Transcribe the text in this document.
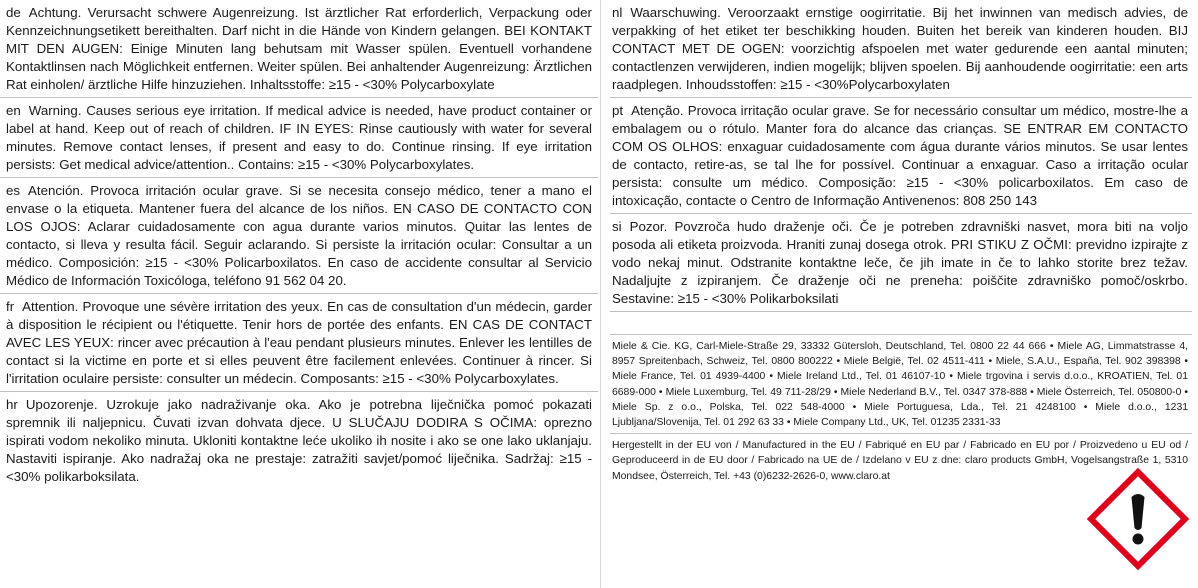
de Achtung. Verursacht schwere Augenreizung. Ist ärztlicher Rat erforderlich, Verpackung oder Kennzeichnungsetikett bereithalten. Darf nicht in die Hände von Kindern gelangen. BEI KONTAKT MIT DEN AUGEN: Einige Minuten lang behutsam mit Wasser spülen. Eventuell vorhandene Kontaktlinsen nach Möglichkeit entfernen. Weiter spülen. Bei anhaltender Augenreizung: Ärztlichen Rat einholen/ ärztliche Hilfe hinzuziehen. Inhaltsstoffe: ≥15 - <30% Polycarboxylate
en Warning. Causes serious eye irritation. If medical advice is needed, have product container or label at hand. Keep out of reach of children. IF IN EYES: Rinse cautiously with water for several minutes. Remove contact lenses, if present and easy to do. Continue rinsing. If eye irritation persists: Get medical advice/attention.. Contains: ≥15 - <30% Polycarboxylates.
es Atención. Provoca irritación ocular grave. Si se necesita consejo médico, tener a mano el envase o la etiqueta. Mantener fuera del alcance de los niños. EN CASO DE CONTACTO CON LOS OJOS: Aclarar cuidadosamente con agua durante varios minutos. Quitar las lentes de contacto, si lleva y resulta fácil. Seguir aclarando. Si persiste la irritación ocular: Consultar a un médico. Composición: ≥15 - <30% Policarboxilatos. En caso de accidente consultar al Servicio Médico de Información Toxicóloga, teléfono 91 562 04 20.
fr Attention. Provoque une sévère irritation des yeux. En cas de consultation d'un médecin, garder à disposition le récipient ou l'étiquette. Tenir hors de portée des enfants. EN CAS DE CONTACT AVEC LES YEUX: rincer avec précaution à l'eau pendant plusieurs minutes. Enlever les lentilles de contact si la victime en porte et si elles peuvent être facilement enlevées. Continuer à rincer. Si l'irritation oculaire persiste: consulter un médecin. Composants: ≥15 - <30% Polycarboxylates.
hr Upozorenje. Uzrokuje jako nadraživanje oka. Ako je potrebna liječnička pomoć pokazati spremnik ili naljepnicu. Čuvati izvan dohvata djece. U SLUČAJU DODIRA S OČIMA: oprezno ispirati vodom nekoliko minuta. Ukloniti kontaktne leće ukoliko ih nosite i ako se one lako uklanjaju. Nastaviti ispiranje. Ako nadražaj oka ne prestaje: zatražiti savjet/pomoć liječnika. Sadržaj: ≥15 - <30% polikarboksilata.
nl Waarschuwing. Veroorzaakt ernstige oogirritatie. Bij het inwinnen van medisch advies, de verpakking of het etiket ter beschikking houden. Buiten het bereik van kinderen houden. BIJ CONTACT MET DE OGEN: voorzichtig afspoelen met water gedurende een aantal minuten; contactlenzen verwijderen, indien mogelijk; blijven spoelen. Bij aanhoudende oogirritatie: een arts raadplegen. Inhoudsstoffen: ≥15 - <30%Polycarboxylaten
pt Atenção. Provoca irritação ocular grave. Se for necessário consultar um médico, mostre-lhe a embalagem ou o rótulo. Manter fora do alcance das crianças. SE ENTRAR EM CONTACTO COM OS OLHOS: enxaguar cuidadosamente com água durante vários minutos. Se usar lentes de contacto, retire-as, se tal lhe for possível. Continuar a enxaguar. Caso a irritação ocular persista: consulte um médico. Composição: ≥15 - <30% policarboxilatos. Em caso de intoxicação, contacte o Centro de Informação Antivenenos: 808 250 143
si Pozor. Povzroča hudo draženje oči. Če je potreben zdravniški nasvet, mora biti na voljo posoda ali etiketa proizvoda. Hraniti zunaj dosega otrok. PRI STIKU Z OČMI: previdno izpirajte z vodo nekaj minut. Odstranite kontaktne leče, če jih imate in če to lahko storite brez težav. Nadaljujte z izpiranjem. Če draženje oči ne preneha: poiščite zdravniško pomoč/oskrbo. Sestavine: ≥15 - <30% Polikarboksilati
Miele & Cie. KG, Carl-Miele-Straße 29, 33332 Gütersloh, Deutschland, Tel. 0800 22 44 666 • Miele AG, Limmatstrasse 4, 8957 Spreitenbach, Schweiz, Tel. 0800 800222 • Miele België, Tel. 02 4511-411 • Miele, S.A.U., España, Tel. 902 398398 • Miele France, Tel. 01 4939-4400 • Miele Ireland Ltd., Tel. 01 46107-10 • Miele trgovina i servis d.o.o., KROATIEN, Tel. 01 6689-000 • Miele Luxemburg, Tel. 49 711-28/29 • Miele Nederland B.V., Tel. 0347 378-888 • Miele Österreich, Tel. 050800-0 • Miele Sp. z o.o., Polska, Tel. 022 548-4000 • Miele Portuguesa, Lda., Tel. 21 4248100 • Miele d.o.o., 1231 Ljubljana/Slovenija, Tel. 01 292 63 33 • Miele Company Ltd., UK, Tel. 01235 2331-33
Hergestellt in der EU von / Manufactured in the EU / Fabriqué en EU par / Fabricado en EU por / Proizvedeno u EU od / Geproduceerd in de EU door / Fabricado na UE de / Izdelano v EU z dne: claro products GmbH, Vogelsangstraße 1, 5310 Mondsee, Österreich, Tel. +43 (0)6232-2626-0, www.claro.at
